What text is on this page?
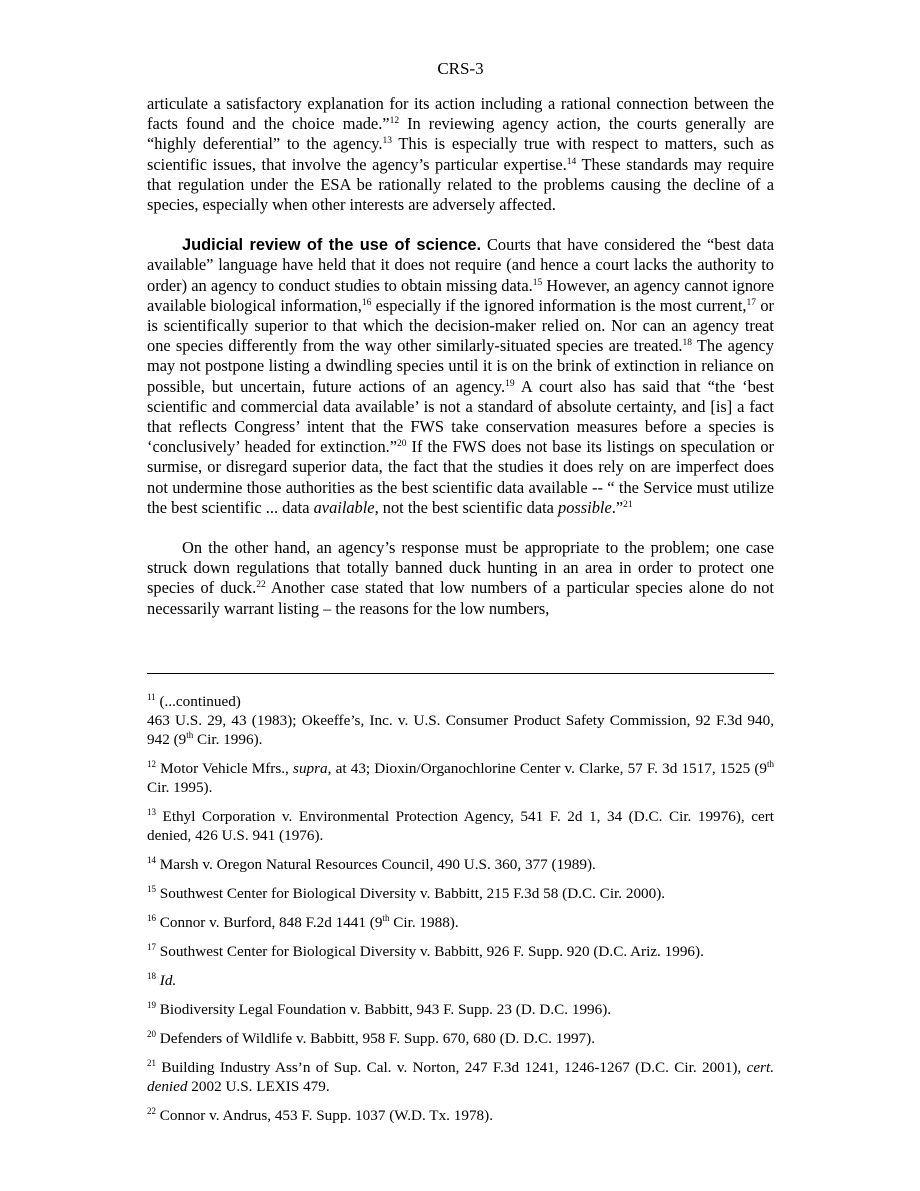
CRS-3

articulate a satisfactory explanation for its action including a rational connection between the facts found and the choice made.”$^{12}$ In reviewing agency action, the courts generally are “highly deferential” to the agency.$^{13}$ This is especially true with respect to matters, such as scientific issues, that involve the agency’s particular expertise.$^{14}$ These standards may require that regulation under the ESA be rationally related to the problems causing the decline of a species, especially when other interests are adversely affected.

Judicial review of the use of science. Courts that have considered the “best data available” language have held that it does not require (and hence a court lacks the authority to order) an agency to conduct studies to obtain missing data.$^{15}$ However, an agency cannot ignore available biological information,$^{16}$ especially if the ignored information is the most current,$^{17}$ or is scientifically superior to that which the decision-maker relied on. Nor can an agency treat one species differently from the way other similarly-situated species are treated.$^{18}$ The agency may not postpone listing a dwindling species until it is on the brink of extinction in reliance on possible, but uncertain, future actions of an agency.$^{19}$ A court also has said that “the ‘best scientific and commercial data available’ is not a standard of absolute certainty, and [is] a fact that reflects Congress’ intent that the FWS take conservation measures before a species is ‘conclusively’ headed for extinction.”$^{20}$ If the FWS does not base its listings on speculation or surmise, or disregard superior data, the fact that the studies it does rely on are imperfect does not undermine those authorities as the best scientific data available -- “ the Service must utilize the best scientific ... data available, not the best scientific data possible.”$^{21}$

On the other hand, an agency’s response must be appropriate to the problem; one case struck down regulations that totally banned duck hunting in an area in order to protect one species of duck.$^{22}$ Another case stated that low numbers of a particular species alone do not necessarily warrant listing – the reasons for the low numbers,

$^{11}$ (...continued)
463 U.S. 29, 43 (1983); Okeeffe’s, Inc. v. U.S. Consumer Product Safety Commission, 92 F.3d 940, 942 (9th Cir. 1996).

$^{12}$ Motor Vehicle Mfrs., supra, at 43; Dioxin/Organochlorine Center v. Clarke, 57 F. 3d 1517, 1525 (9th Cir. 1995).

$^{13}$ Ethyl Corporation v. Environmental Protection Agency, 541 F. 2d 1, 34 (D.C. Cir. 19976), cert denied, 426 U.S. 941 (1976).

$^{14}$ Marsh v. Oregon Natural Resources Council, 490 U.S. 360, 377 (1989).

$^{15}$ Southwest Center for Biological Diversity v. Babbitt, 215 F.3d 58 (D.C. Cir. 2000).

$^{16}$ Connor v. Burford, 848 F.2d 1441 (9th Cir. 1988).

$^{17}$ Southwest Center for Biological Diversity v. Babbitt, 926 F. Supp. 920 (D.C. Ariz. 1996).

$^{18}$ Id.

$^{19}$ Biodiversity Legal Foundation v. Babbitt, 943 F. Supp. 23 (D. D.C. 1996).

$^{20}$ Defenders of Wildlife v. Babbitt, 958 F. Supp. 670, 680 (D. D.C. 1997).

$^{21}$ Building Industry Ass’n of Sup. Cal. v. Norton, 247 F.3d 1241, 1246-1267 (D.C. Cir. 2001), cert. denied 2002 U.S. LEXIS 479.

$^{22}$ Connor v. Andrus, 453 F. Supp. 1037 (W.D. Tx. 1978).
